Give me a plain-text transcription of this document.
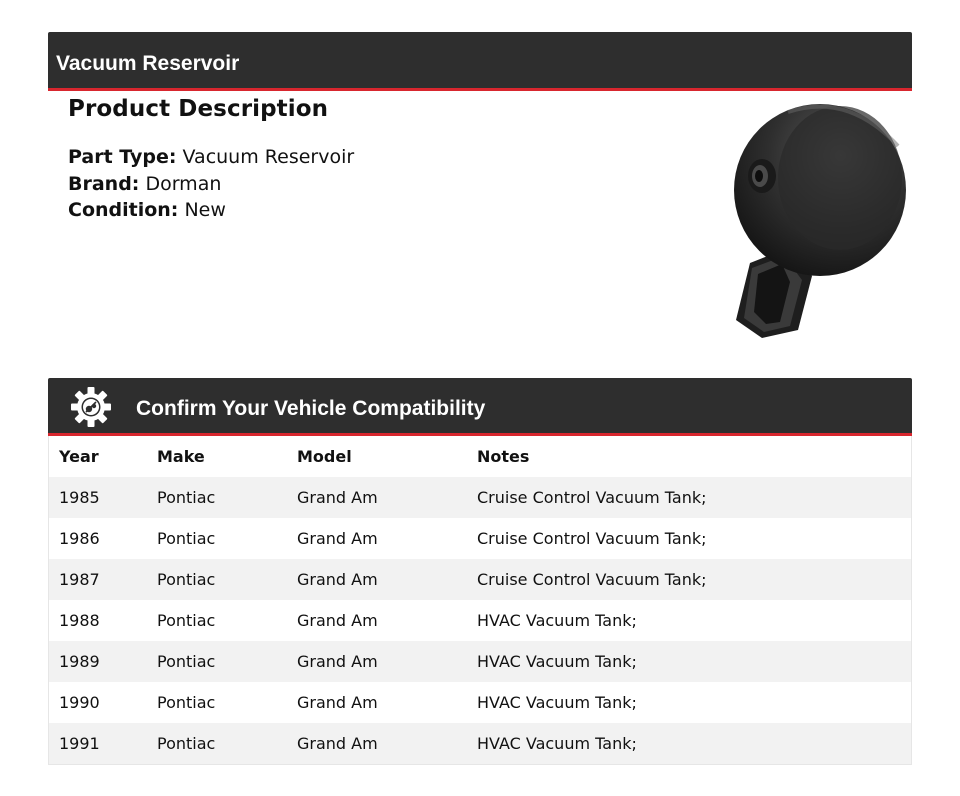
Vacuum Reservoir
Product Description
Part Type: Vacuum Reservoir
Brand: Dorman
Condition: New
Confirm Your Vehicle Compatibility
Year	Make	Model	Notes
1985	Pontiac	Grand Am	Cruise Control Vacuum Tank;
1986	Pontiac	Grand Am	Cruise Control Vacuum Tank;
1987	Pontiac	Grand Am	Cruise Control Vacuum Tank;
1988	Pontiac	Grand Am	HVAC Vacuum Tank;
1989	Pontiac	Grand Am	HVAC Vacuum Tank;
1990	Pontiac	Grand Am	HVAC Vacuum Tank;
1991	Pontiac	Grand Am	HVAC Vacuum Tank;
